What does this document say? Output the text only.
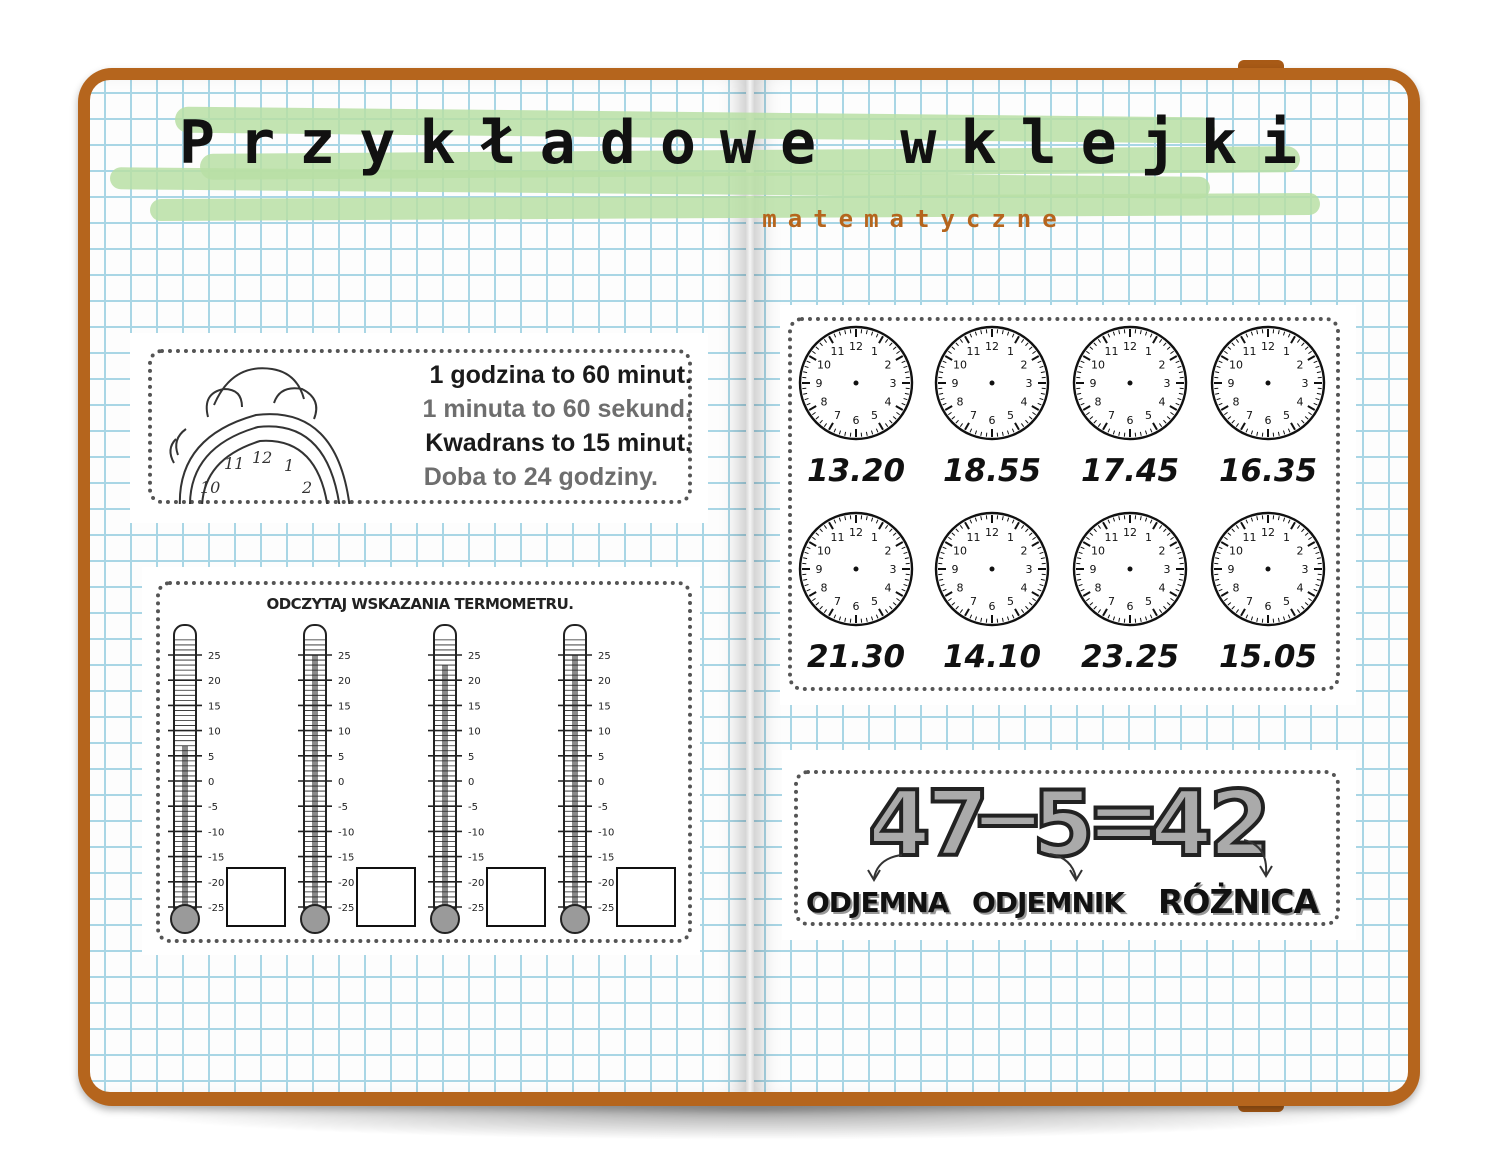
Przykładowe wklejki
matematyczne
11 12 1
10	2
1 godzina to 60 minut.
1 minuta to 60 sekund.
Kwadrans to 15 minut.
Doba to 24 godziny.
ODCZYTAJ WSKAZANIA TERMOMETRU.
25
20
15
10
5
0
-5
-10
-15
-20
-25
25
20
15
10
5
0
-5
-10
-15
-20
-25
25
20
15
10
5
0
-5
-10
-15
-20
-25
25
20
15
10
5
0
-5
-10
-15
-20
-25
12 1
2
3
4
5
6
7
8
9
10
11
13.20
12 1
2
3
4
5
6
7
8
9
10
11
18.55
12 1
2
3
4
5
6
7
8
9
10
11
17.45
12 1
2
3
4
5
6
7
8
9
10
11
16.35
12 1
2
3
4
5
6
7
8
9
10
11
21.30
12 1
2
3
4
5
6
7
8
9
10
11
14.10
12 1
2
3
4
5
6
7
8
9
10
11
23.25
12 1
2
3
4
5
6
7
8
9
10
11
15.05
47
−
5
=
42
ODJEMNA ODJEMNIK RÓŻNICA
